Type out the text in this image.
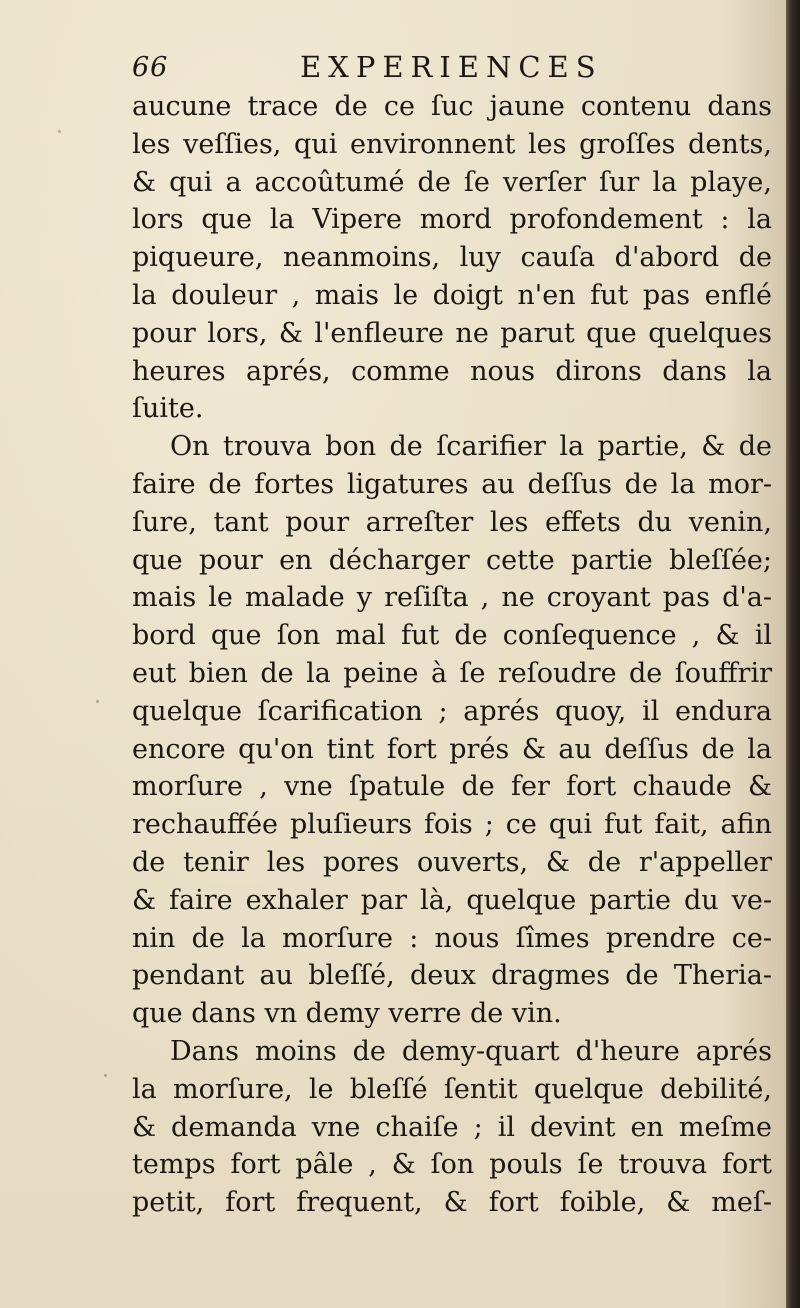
66	EXPERIENCES
aucune trace de ce ſuc jaune contenu dans
les veſſies, qui environnent les groſſes dents,
& qui a accoûtumé de ſe verſer ſur la playe,
lors que la Vipere mord profondement : la
piqueure, neanmoins, luy cauſa d'abord de
la douleur , mais le doigt n'en fut pas enflé
pour lors, & l'enfleure ne parut que quelques
heures aprés, comme nous dirons dans la
ſuite.
On trouva bon de ſcarifier la partie, & de
faire de fortes ligatures au deſſus de la mor-
ſure, tant pour arreſter les effets du venin,
que pour en décharger cette partie bleſſée;
mais le malade y reſiſta , ne croyant pas d'a-
bord que ſon mal fut de conſequence , & il
eut bien de la peine à ſe reſoudre de ſouffrir
quelque ſcarification ; aprés quoy, il endura
encore qu'on tint fort prés & au deſſus de la
morſure , vne ſpatule de fer fort chaude &
rechauffée pluſieurs fois ; ce qui fut fait, afin
de tenir les pores ouverts, & de r'appeller
& faire exhaler par là, quelque partie du ve-
nin de la morſure : nous ſîmes prendre ce-
pendant au bleſſé, deux dragmes de Theria-
que dans vn demy verre de vin.
Dans moins de demy-quart d'heure aprés
la morſure, le bleſſé ſentit quelque debilité,
& demanda vne chaiſe ; il devint en meſme
temps fort pâle , & ſon pouls ſe trouva fort
petit, fort frequent, & fort foible, & meſ-
